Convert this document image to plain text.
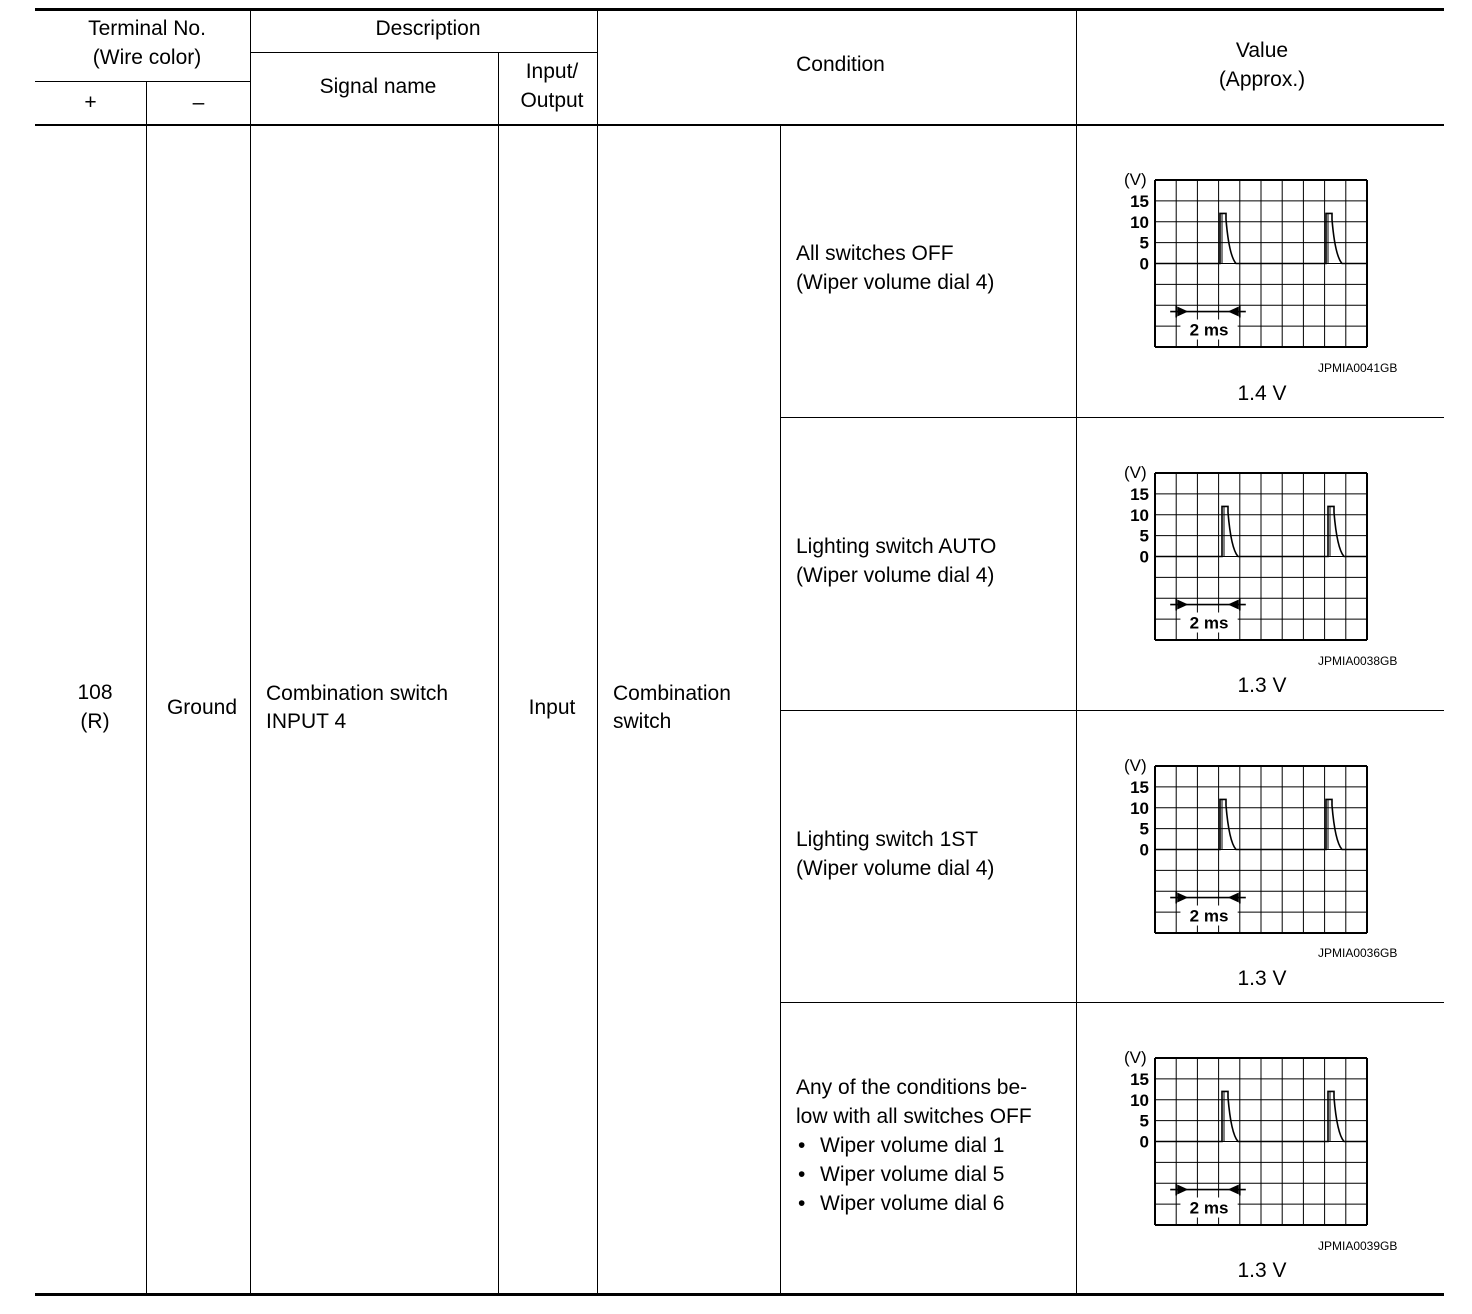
Terminal No.
(Wire color)
+	–
Description
Signal name
Input/
Output
Condition
Value
(Approx.)
108
(R)
Ground
Combination switch
INPUT 4
Input
Combination
switch
All switches OFF
(Wiper volume dial 4)
Lighting switch AUTO
(Wiper volume dial 4)
Lighting switch 1ST
(Wiper volume dial 4)
Any of the conditions be-
low with all switches OFF
• Wiper volume dial 1
• Wiper volume dial 5
• Wiper volume dial 6
(V)
15
10
5
0
2 ms
(V)
15
10
5
0
2 ms
(V)
15
10
5
0
2 ms
(V)
15
10
5
0
2 ms
JPMIA0041GB
JPMIA0038GB
JPMIA0036GB
JPMIA0039GB
1.4 V
1.3 V
1.3 V
1.3 V
